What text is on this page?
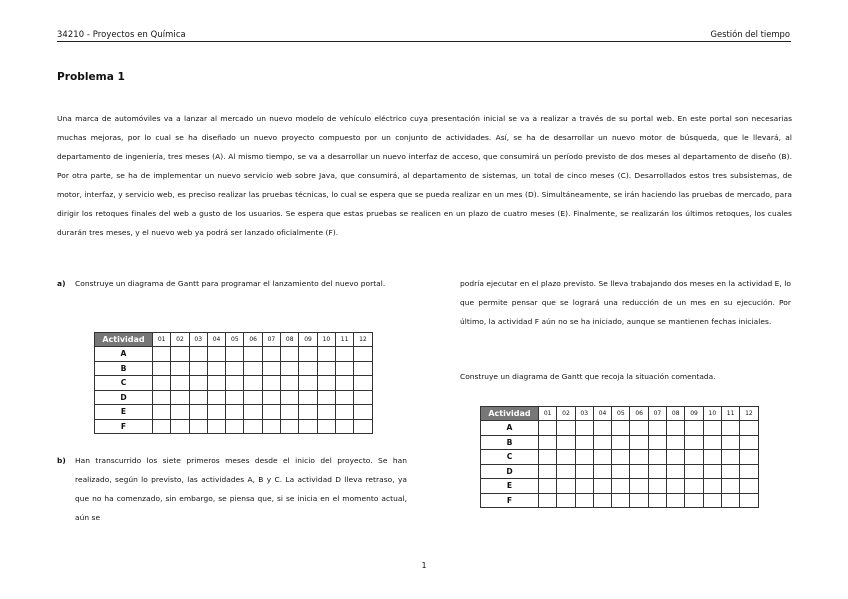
34210 - Proyectos en Química	Gestión del tiempo
Problema 1
Una marca de automóviles va a lanzar al mercado un nuevo modelo de vehículo eléctrico cuya presentación inicial se va a realizar a través de su portal web. En este portal son necesarias muchas mejoras, por lo cual se ha diseñado un nuevo proyecto compuesto por un conjunto de actividades. Así, se ha de desarrollar un nuevo motor de búsqueda, que le llevará, al departamento de ingeniería, tres meses (A). Al mismo tiempo, se va a desarrollar un nuevo interfaz de acceso, que consumirá un período previsto de dos meses al departamento de diseño (B). Por otra parte, se ha de implementar un nuevo servicio web sobre Java, que consumirá, al departamento de sistemas, un total de cinco meses (C). Desarrollados estos tres subsistemas, de motor, interfaz, y servicio web, es preciso realizar las pruebas técnicas, lo cual se espera que se pueda realizar en un mes (D). Simultáneamente, se irán haciendo las pruebas de mercado, para dirigir los retoques finales del web a gusto de los usuarios. Se espera que estas pruebas se realicen en un plazo de cuatro meses (E). Finalmente, se realizarán los últimos retoques, los cuales durarán tres meses, y el nuevo web ya podrá ser lanzado oficialmente (F).
a) Construye un diagrama de Gantt para programar el lanzamiento del nuevo portal.
Actividad	01	02	03	04	05	06	07	08	09	10	11	12
A												
B												
C												
D												
E												
F												
b) Han transcurrido los siete primeros meses desde el inicio del proyecto. Se han realizado, según lo previsto, las actividades A, B y C. La actividad D lleva retraso, ya que no ha comenzado, sin embargo, se piensa que, si se inicia en el momento actual, aún se
podría ejecutar en el plazo previsto. Se lleva trabajando dos meses en la actividad E, lo que permite pensar que se logrará una reducción de un mes en su ejecución. Por último, la actividad F aún no se ha iniciado, aunque se mantienen fechas iniciales.
Construye un diagrama de Gantt que recoja la situación comentada.
Actividad	01	02	03	04	05	06	07	08	09	10	11	12
A												
B												
C												
D												
E												
F												
1
